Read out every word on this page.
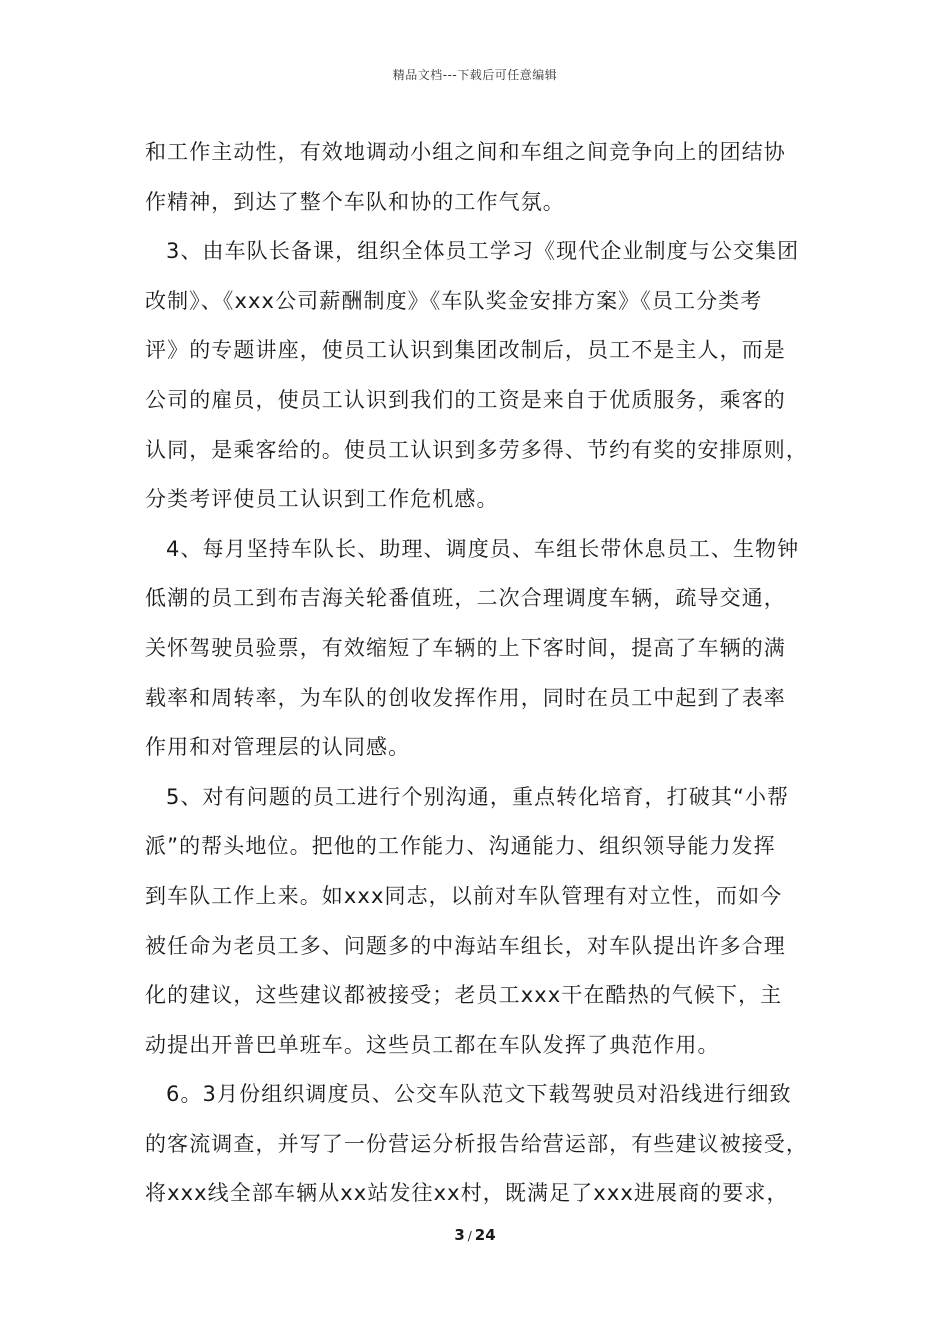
精品文档---下载后可任意编辑
和工作主动性，有效地调动小组之间和车组之间竞争向上的团结协
作精神，到达了整个车队和协的工作气氛。
3、由车队长备课，组织全体员工学习《现代企业制度与公交集团
改制》、《xxx公司薪酬制度》《车队奖金安排方案》《员工分类考
评》的专题讲座，使员工认识到集团改制后，员工不是主人，而是
公司的雇员，使员工认识到我们的工资是来自于优质服务，乘客的
认同，是乘客给的。使员工认识到多劳多得、节约有奖的安排原则，
分类考评使员工认识到工作危机感。
4、每月坚持车队长、助理、调度员、车组长带休息员工、生物钟
低潮的员工到布吉海关轮番值班，二次合理调度车辆，疏导交通，
关怀驾驶员验票，有效缩短了车辆的上下客时间，提高了车辆的满
载率和周转率，为车队的创收发挥作用，同时在员工中起到了表率
作用和对管理层的认同感。
5、对有问题的员工进行个别沟通，重点转化培育，打破其“小帮
派”的帮头地位。把他的工作能力、沟通能力、组织领导能力发挥
到车队工作上来。如xxx同志，以前对车队管理有对立性，而如今
被任命为老员工多、问题多的中海站车组长，对车队提出许多合理
化的建议，这些建议都被接受；老员工xxx干在酷热的气候下，主
动提出开普巴单班车。这些员工都在车队发挥了典范作用。
6。3月份组织调度员、公交车队范文下载驾驶员对沿线进行细致
的客流调查，并写了一份营运分析报告给营运部，有些建议被接受，
将xxx线全部车辆从xx站发往xx村，既满足了xxx进展商的要求，
3 / 24
